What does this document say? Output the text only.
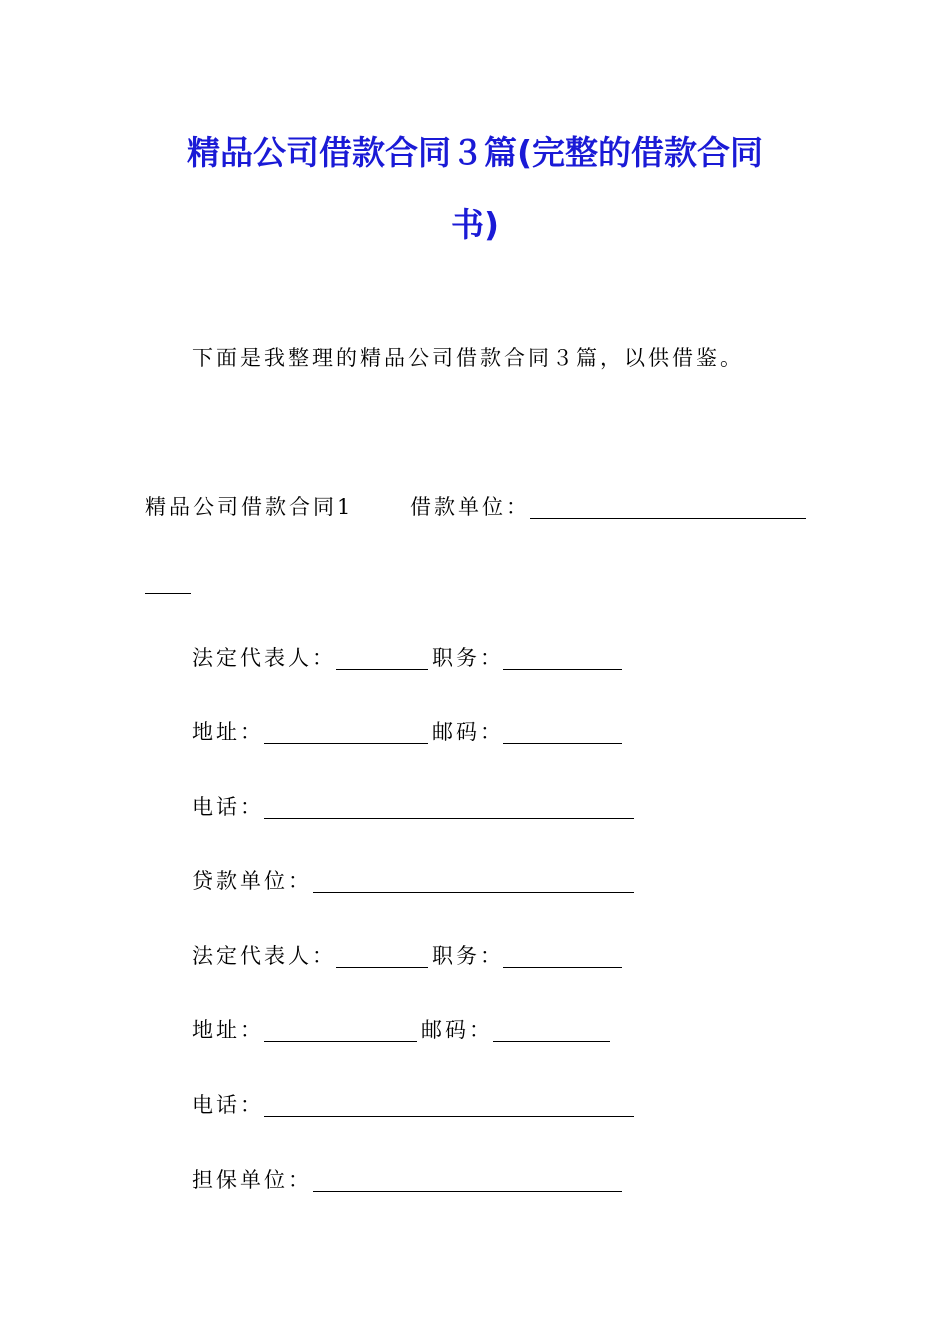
精品公司借款合同３篇(完整的借款合同
书)
下面是我整理的精品公司借款合同３篇，以供借鉴。
精品公司借款合同1	借款单位：
法定代表人：	职务：
地址：	邮码：
电话：
贷款单位：
法定代表人：	职务：
地址：	邮码：
电话：
担保单位：
